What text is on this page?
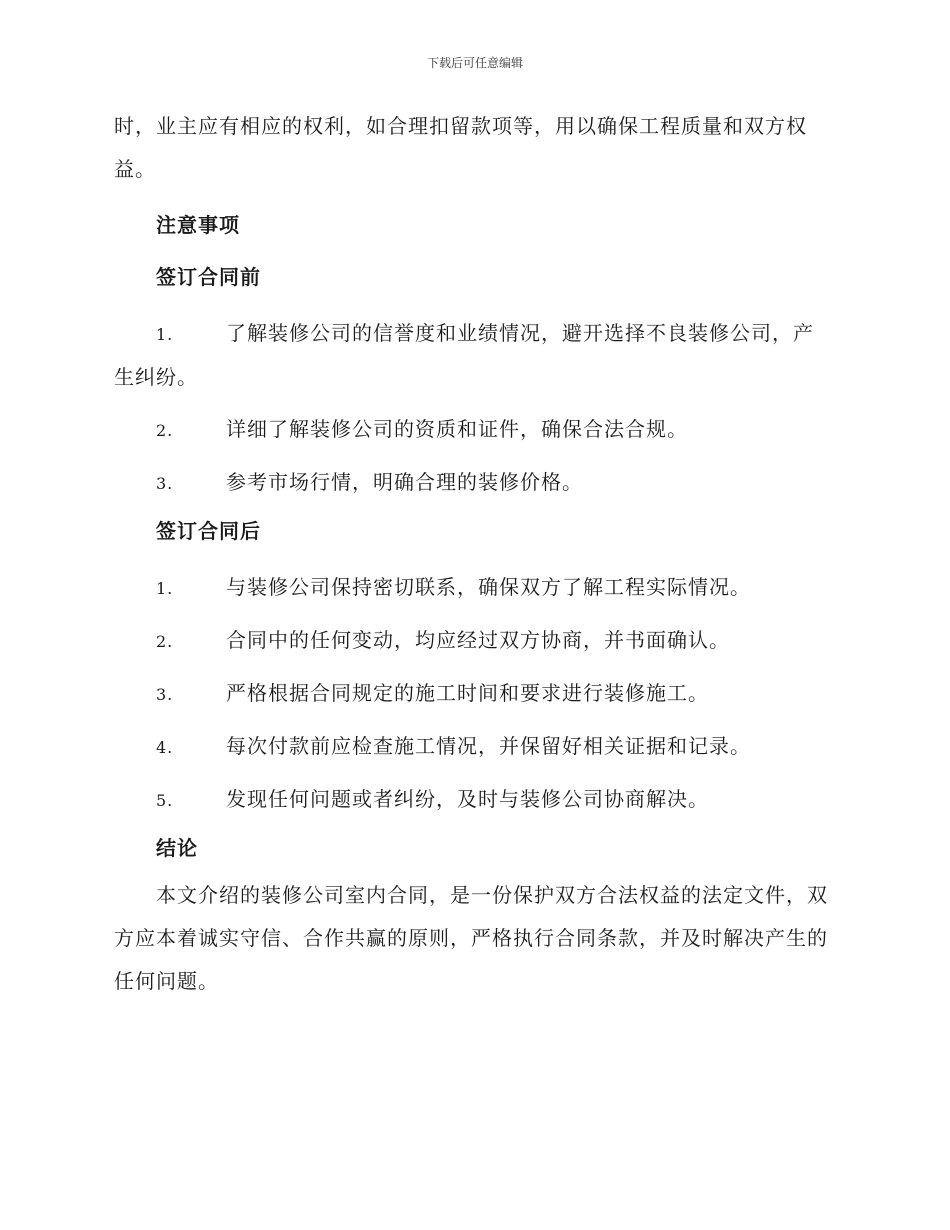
下载后可任意编辑

时，业主应有相应的权利，如合理扣留款项等，用以确保工程质量和双方权益。

注意事项

签订合同前

1.	了解装修公司的信誉度和业绩情况，避开选择不良装修公司，产生纠纷。

2.	详细了解装修公司的资质和证件，确保合法合规。

3.	参考市场行情，明确合理的装修价格。

签订合同后

1.	与装修公司保持密切联系，确保双方了解工程实际情况。

2.	合同中的任何变动，均应经过双方协商，并书面确认。

3.	严格根据合同规定的施工时间和要求进行装修施工。

4.	每次付款前应检查施工情况，并保留好相关证据和记录。

5.	发现任何问题或者纠纷，及时与装修公司协商解决。

结论

本文介绍的装修公司室内合同，是一份保护双方合法权益的法定文件，双方应本着诚实守信、合作共赢的原则，严格执行合同条款，并及时解决产生的任何问题。
